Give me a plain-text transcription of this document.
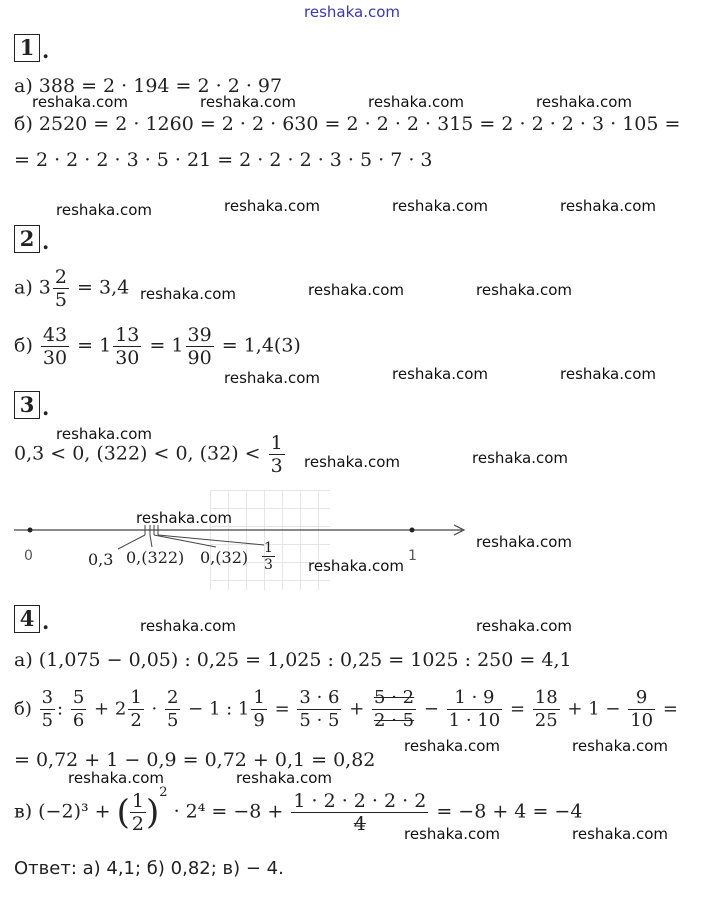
reshaka.com
1 .
а) 388 = 2 · 194 = 2 · 2 · 97
б) 2520 = 2 · 1260 = 2 · 2 · 630 = 2 · 2 · 2 · 315 = 2 · 2 · 2 · 3 · 105 =
= 2 · 2 · 2 · 3 · 5 · 21 = 2 · 2 · 2 · 3 · 5 · 7 · 3
2 .
а) $3 \frac{2}{5} = 3,4$
$б) \frac{43}{30} = 1 \frac{13}{30} = 1 \frac{39}{90} = 1,4(3)$
3 .
0,3 < 0, (322) < 0, $(32) < \frac{1}{3}$
0	1
0,3 0,(322) $0,(32) \frac{1}{3}$
4 .
а) (1,075 − 0,05) : 0,25 = 1,025 : 0,25 = 1025 : 250 = 4,1
$б) \frac{3}{5}$ : $\frac{5}{6} + 2 \frac{1}{2} \cdot \frac{2}{5} - 1$ : $1 \frac{1}{9} = \frac{3 \cdot 6}{5 \cdot 5} + \frac{5 \cdot 2}{2 \cdot 5} - \frac{1 \cdot 9}{1 \cdot 10} = \frac{18}{25} + 1 - \frac{9}{10}$ =
= 0,72 + 1 − 0,9 = 0,72 + 0,1 = 0,82
в) (−2)³ + ( $\frac{1}{2} )^2 \cdot 2^4 = -8 + \frac{1 \cdot 2 \cdot 2 \cdot 2 \cdot 2}{4} = -8 + 4 = -4$
Ответ: а) 4,1; б) 0,82; в) − 4.
reshaka.com	reshaka.com	reshaka.com	reshaka.com
reshaka.com	reshaka.com	reshaka.com	reshaka.com
reshaka.com	reshaka.com	reshaka.com
reshaka.com	reshaka.com	reshaka.com
reshaka.com
reshaka.com	reshaka.com
reshaka.com
reshaka.com
reshaka.com
reshaka.com	reshaka.com
reshaka.com	reshaka.com
reshaka.com	reshaka.com
reshaka.com	reshaka.com
